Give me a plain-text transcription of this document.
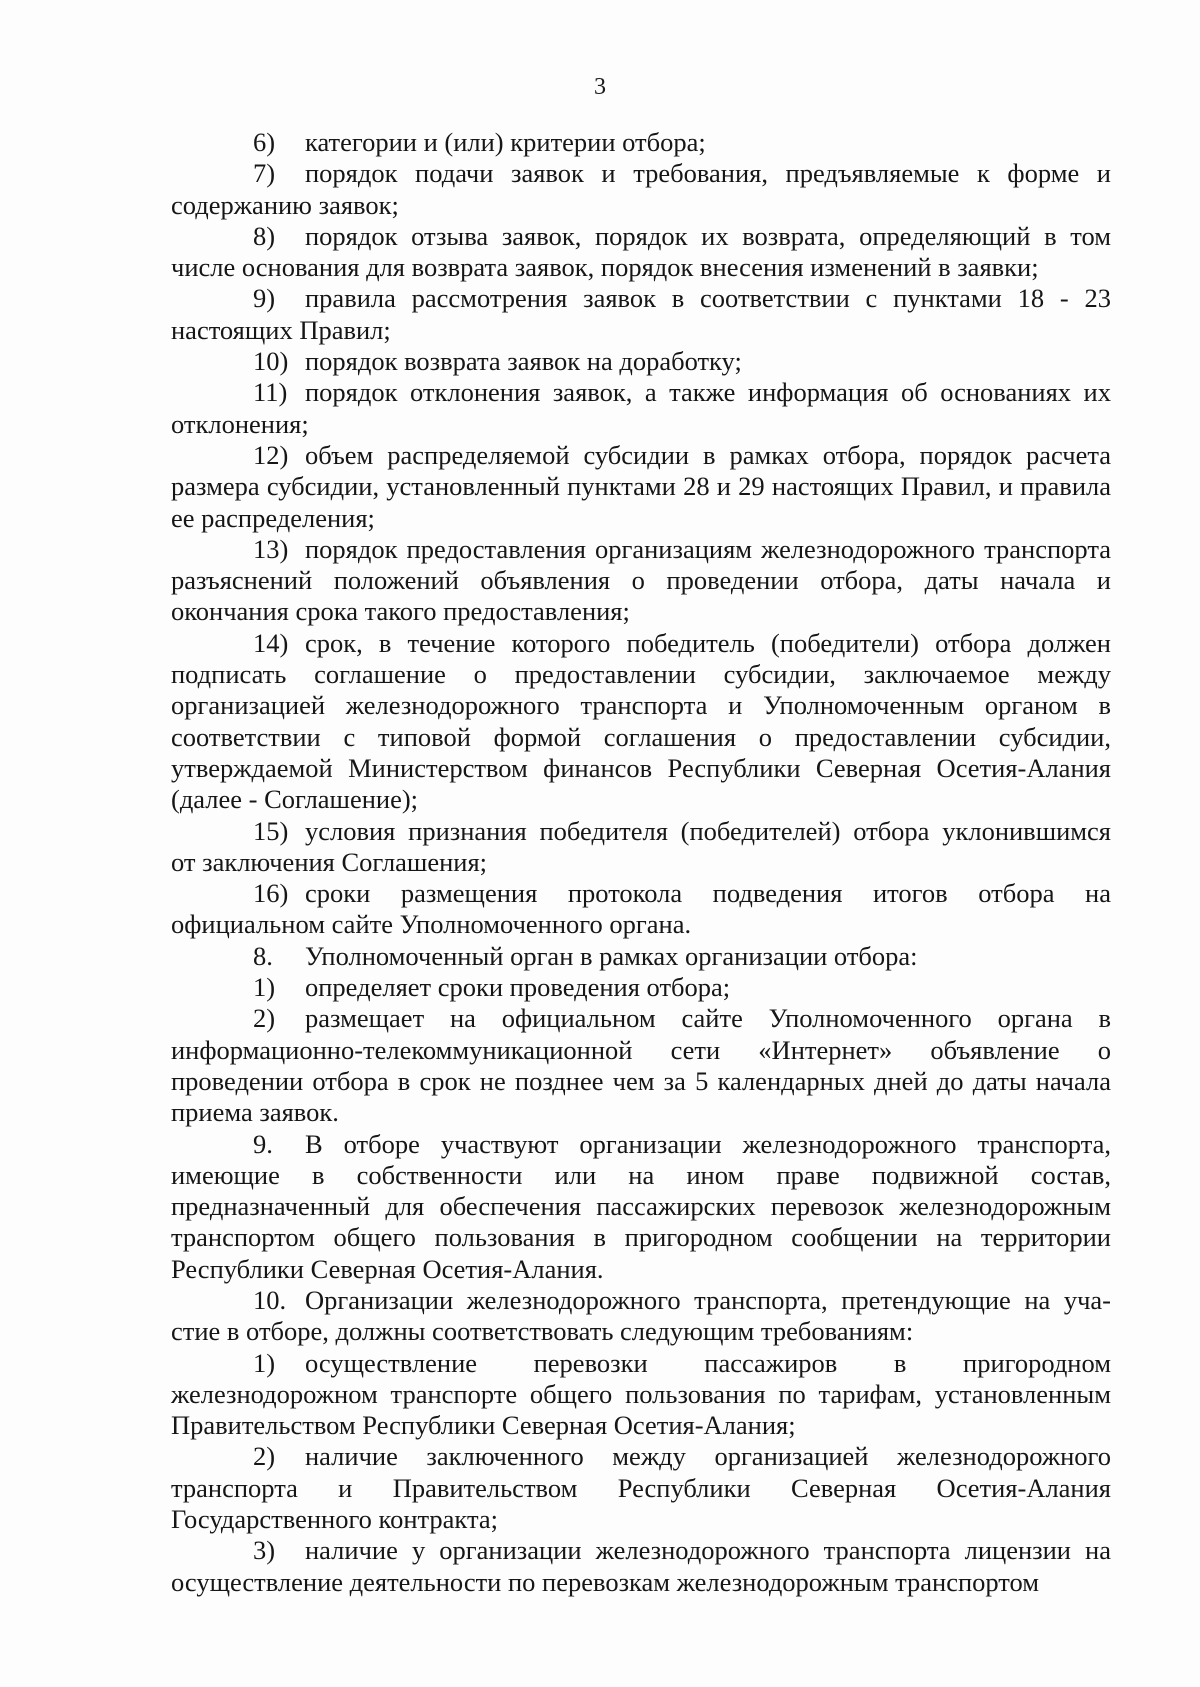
3

6) категории и (или) критерии отбора;

7) порядок подачи заявок и требования, предъявляемые к форме и содержанию заявок;

8) порядок отзыва заявок, порядок их возврата, определяющий в том числе основания для возврата заявок, порядок внесения изменений в заявки;

9) правила рассмотрения заявок в соответствии с пунктами 18 - 23 настоящих Правил;

10) порядок возврата заявок на доработку;

11) порядок отклонения заявок, а также информация об основаниях их отклонения;

12) объем распределяемой субсидии в рамках отбора, порядок расчета размера субсидии, установленный пунктами 28 и 29 настоящих Правил, и правила ее распределения;

13) порядок предоставления организациям железнодорожного транспорта разъяснений положений объявления о проведении отбора, даты начала и окончания срока такого предоставления;

14) срок, в течение которого победитель (победители) отбора должен подписать соглашение о предоставлении субсидии, заключаемое между организацией железнодорожного транспорта и Уполномоченным органом в соответствии с типовой формой соглашения о предоставлении субсидии, утверждаемой Министерством финансов Республики Северная Осетия-Алания (далее - Соглашение);

15) условия признания победителя (победителей) отбора уклонившимся от заключения Соглашения;

16) сроки размещения протокола подведения итогов отбора на официальном сайте Уполномоченного органа.

8. Уполномоченный орган в рамках организации отбора:

1) определяет сроки проведения отбора;

2) размещает на официальном сайте Уполномоченного органа в информационно-телекоммуникационной сети «Интернет» объявление о проведении отбора в срок не позднее чем за 5 календарных дней до даты начала приема заявок.

9. В отборе участвуют организации железнодорожного транспорта, имеющие в собственности или на ином праве подвижной состав, предназначенный для обеспечения пассажирских перевозок железнодорожным транспортом общего пользования в пригородном сообщении на территории Республики Северная Осетия-Алания.

10. Организации железнодорожного транспорта, претендующие на уча-стие в отборе, должны соответствовать следующим требованиям:

1) осуществление перевозки пассажиров в пригородном железнодорожном транспорте общего пользования по тарифам, установленным Правительством Республики Северная Осетия-Алания;

2) наличие заключенного между организацией железнодорожного транспорта и Правительством Республики Северная Осетия-Алания Государственного контракта;

3) наличие у организации железнодорожного транспорта лицензии на осуществление деятельности по перевозкам железнодорожным транспортом
